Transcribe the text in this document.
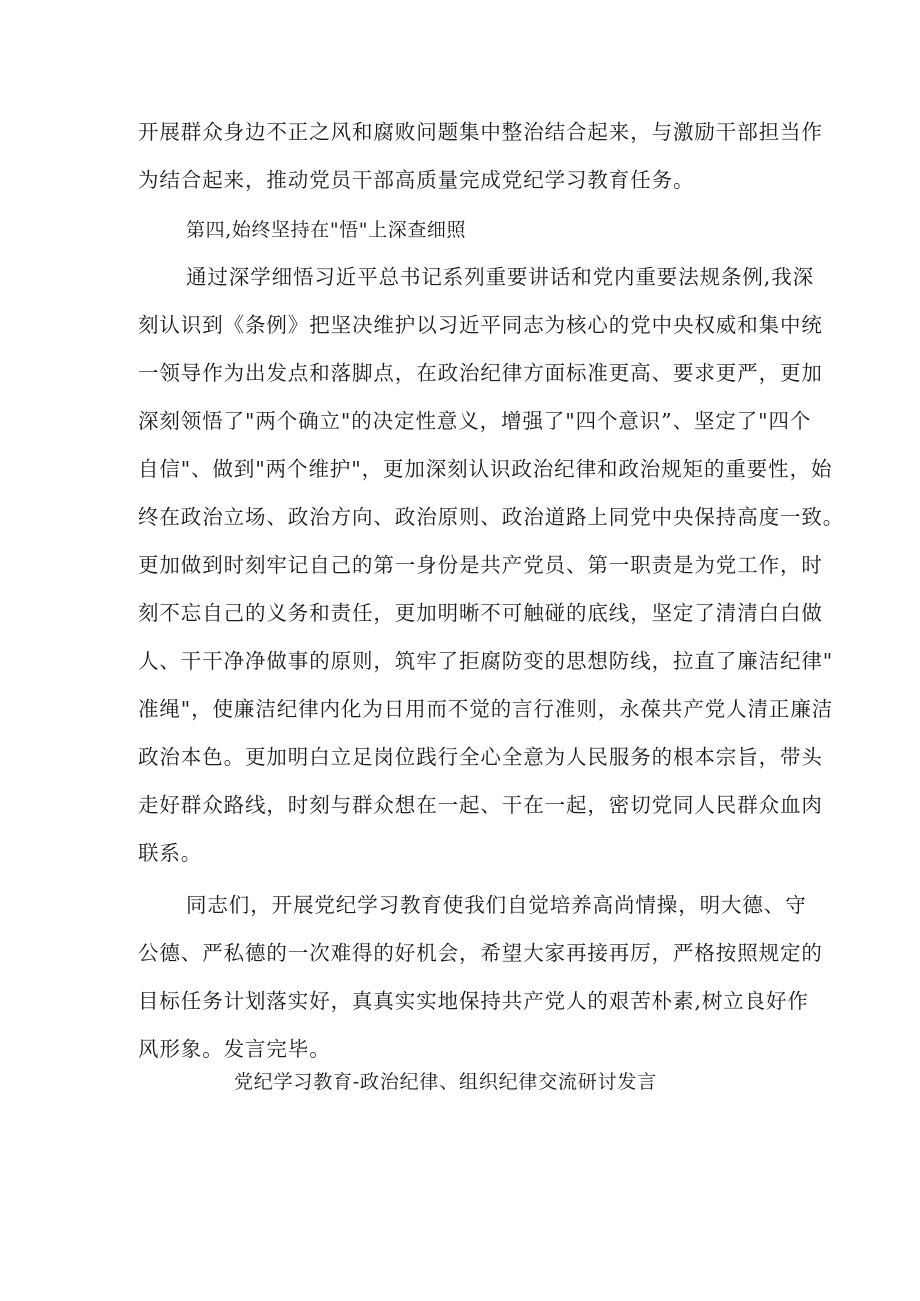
开展群众身边不正之风和腐败问题集中整治结合起来，与激励干部担当作
为结合起来，推动党员干部高质量完成党纪学习教育任务。
第四,始终坚持在"悟"上深查细照
通过深学细悟习近平总书记系列重要讲话和党内重要法规条例,我深
刻认识到《条例》把坚决维护以习近平同志为核心的党中央权威和集中统
一领导作为出发点和落脚点，在政治纪律方面标准更高、要求更严，更加
深刻领悟了"两个确立"的决定性意义，增强了"四个意识”、坚定了"四个
自信"、做到"两个维护"，更加深刻认识政治纪律和政治规矩的重要性，始
终在政治立场、政治方向、政治原则、政治道路上同党中央保持高度一致。
更加做到时刻牢记自己的第一身份是共产党员、第一职责是为党工作，时
刻不忘自己的义务和责任，更加明晰不可触碰的底线，坚定了清清白白做
人、干干净净做事的原则，筑牢了拒腐防变的思想防线，拉直了廉洁纪律"
准绳"，使廉洁纪律内化为日用而不觉的言行准则，永葆共产党人清正廉洁
政治本色。更加明白立足岗位践行全心全意为人民服务的根本宗旨，带头
走好群众路线，时刻与群众想在一起、干在一起，密切党同人民群众血肉
联系。
同志们，开展党纪学习教育使我们自觉培养高尚情操，明大德、守
公德、严私德的一次难得的好机会，希望大家再接再厉，严格按照规定的
目标任务计划落实好，真真实实地保持共产党人的艰苦朴素,树立良好作
风形象。发言完毕。
党纪学习教育-政治纪律、组织纪律交流研讨发言
